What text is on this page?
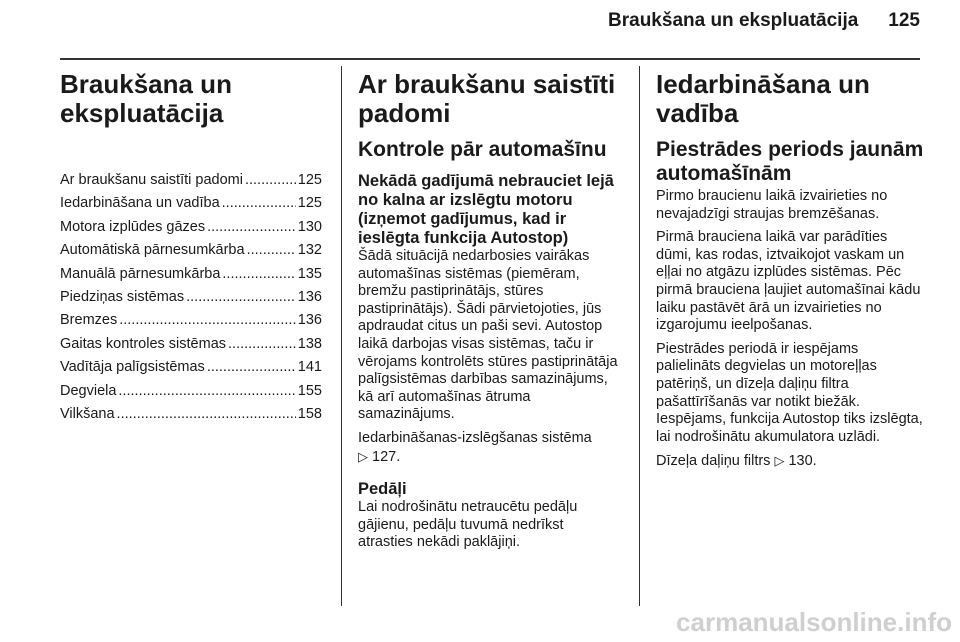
Braukšana un ekspluatācija 125
Braukšana un ekspluatācija
Ar braukšanu saistīti padomi .....	125
Iedarbināšana un vadība .....	125
Motora izplūdes gāzes .....	130
Automātiskā pārnesumkārba .....	132
Manuālā pārnesumkārba .....	135
Piedziņas sistēmas .....	136
Bremzes .....	136
Gaitas kontroles sistēmas .....	138
Vadītāja palīgsistēmas .....	141
Degviela .....	155
Vilkšana .....	158
Ar braukšanu saistīti padomi
Kontrole pār automašīnu
Nekādā gadījumā nebrauciet lejā no kalna ar izslēgtu motoru (izņemot gadījumus, kad ir ieslēgta funkcija Autostop)

Šādā situācijā nedarbosies vairākas automašīnas sistēmas (piemēram, bremžu pastiprinātājs, stūres pastiprinātājs). Šādi pārvietojoties, jūs apdraudat citus un paši sevi. Autostop laikā darbojas visas sistēmas, taču ir vērojams kontrolēts stūres pastiprinātāja palīgsistēmas darbības samazinājums, kā arī automašīnas ātruma samazinājums.

Iedarbināšanas-izslēgšanas sistēma ▷ 127.

Pedāļi

Lai nodrošinātu netraucētu pedāļu gājienu, pedāļu tuvumā nedrīkst atrasties nekādi paklājiņi.

Iedarbināšana un vadība
Piestrādes periods jaunām automašīnām

Pirmo braucienu laikā izvairieties no nevajadzīgi straujas bremzēšanas.

Pirmā brauciena laikā var parādīties dūmi, kas rodas, iztvaikojot vaskam un eļļai no atgāzu izplūdes sistēmas. Pēc pirmā brauciena ļaujiet automašīnai kādu laiku pastāvēt ārā un izvairieties no izgarojumu ieelpošanas.

Piestrādes periodā ir iespējams palielināts degvielas un motoreļļas patēriņš, un dīzeļa daļiņu filtra pašattīrīšanās var notikt biežāk. Iespējams, funkcija Autostop tiks izslēgta, lai nodrošinātu akumulatora uzlādi.

Dīzeļa daļiņu filtrs ▷ 130.

carmanualsonline.info
